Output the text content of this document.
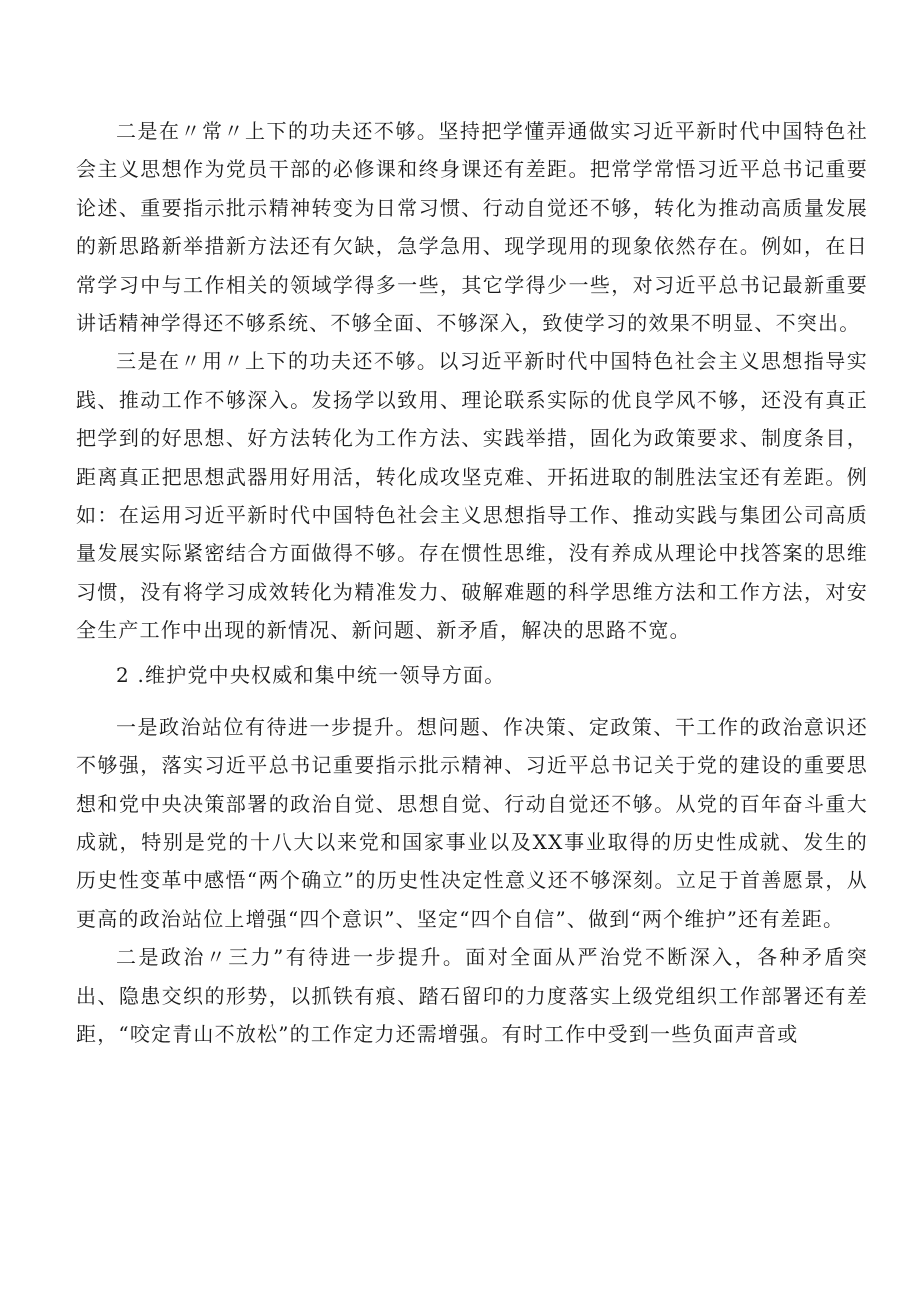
二是在〃常〃上下的功夫还不够。坚持把学懂弄通做实习近平新时代中国特色社会主义思想作为党员干部的必修课和终身课还有差距。把常学常悟习近平总书记重要论述、重要指示批示精神转变为日常习惯、行动自觉还不够，转化为推动高质量发展的新思路新举措新方法还有欠缺，急学急用、现学现用的现象依然存在。例如，在日常学习中与工作相关的领域学得多一些，其它学得少一些，对习近平总书记最新重要讲话精神学得还不够系统、不够全面、不够深入，致使学习的效果不明显、不突出。

三是在〃用〃上下的功夫还不够。以习近平新时代中国特色社会主义思想指导实践、推动工作不够深入。发扬学以致用、理论联系实际的优良学风不够，还没有真正把学到的好思想、好方法转化为工作方法、实践举措，固化为政策要求、制度条目，距离真正把思想武器用好用活，转化成攻坚克难、开拓进取的制胜法宝还有差距。例如：在运用习近平新时代中国特色社会主义思想指导工作、推动实践与集团公司高质量发展实际紧密结合方面做得不够。存在惯性思维，没有养成从理论中找答案的思维习惯，没有将学习成效转化为精准发力、破解难题的科学思维方法和工作方法，对安全生产工作中出现的新情况、新问题、新矛盾，解决的思路不宽。

2 .维护党中央权威和集中统一领导方面。

一是政治站位有待进一步提升。想问题、作决策、定政策、干工作的政治意识还不够强，落实习近平总书记重要指示批示精神、习近平总书记关于党的建设的重要思想和党中央决策部署的政治自觉、思想自觉、行动自觉还不够。从党的百年奋斗重大成就，特别是党的十八大以来党和国家事业以及XX事业取得的历史性成就、发生的历史性变革中感悟“两个确立”的历史性决定性意义还不够深刻。立足于首善愿景，从更高的政治站位上增强“四个意识”、坚定“四个自信”、做到“两个维护”还有差距。

二是政治〃三力”有待进一步提升。面对全面从严治党不断深入，各种矛盾突出、隐患交织的形势，以抓铁有痕、踏石留印的力度落实上级党组织工作部署还有差距，“咬定青山不放松”的工作定力还需增强。有时工作中受到一些负面声音或
